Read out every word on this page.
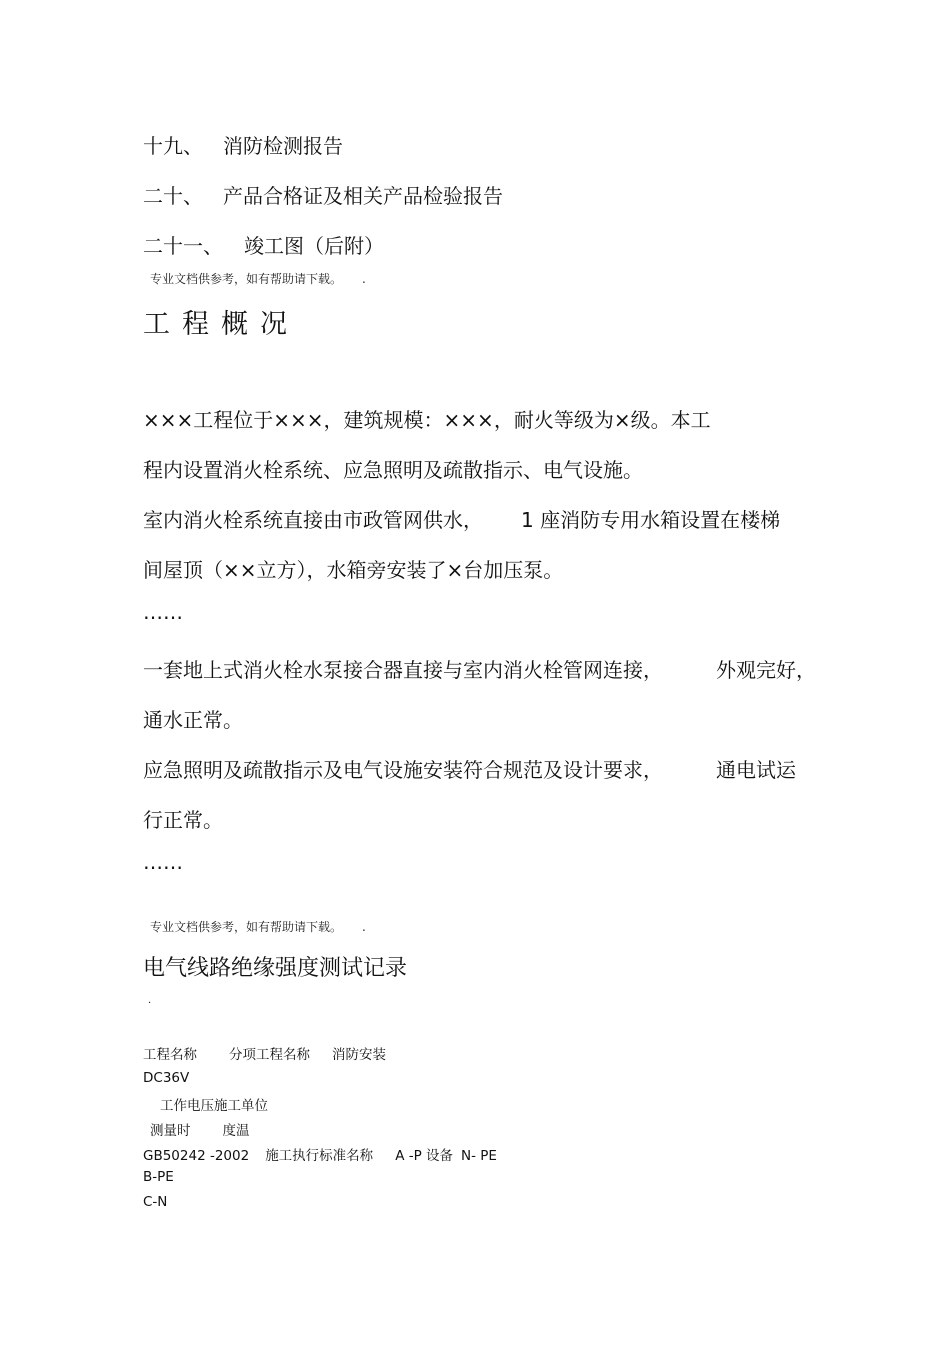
十九、 消防检测报告
二十、 产品合格证及相关产品检验报告
二十一、 竣工图（后附）
专业文档供参考，如有帮助请下载。 .
工程概况
×××工程位于×××，建筑规模：×××，耐火等级为×级。本工
程内设置消火栓系统、应急照明及疏散指示、电气设施。
室内消火栓系统直接由市政管网供水， 1 座消防专用水箱设置在楼梯
间屋顶（××立方），水箱旁安装了×台加压泵。
……
一套地上式消火栓水泵接合器直接与室内消火栓管网连接，	外观完好，
通水正常。
应急照明及疏散指示及电气设施安装符合规范及设计要求，	通电试运
行正常。
……
专业文档供参考，如有帮助请下载。 .
电气线路绝缘强度测试记录
·
工程名称 分项工程名称 消防安装
DC36V
工作电压施工单位
测量时 度温
GB50242 -2002 施工执行标准名称 A -P 设备 N- PE
B-PE
C-N
